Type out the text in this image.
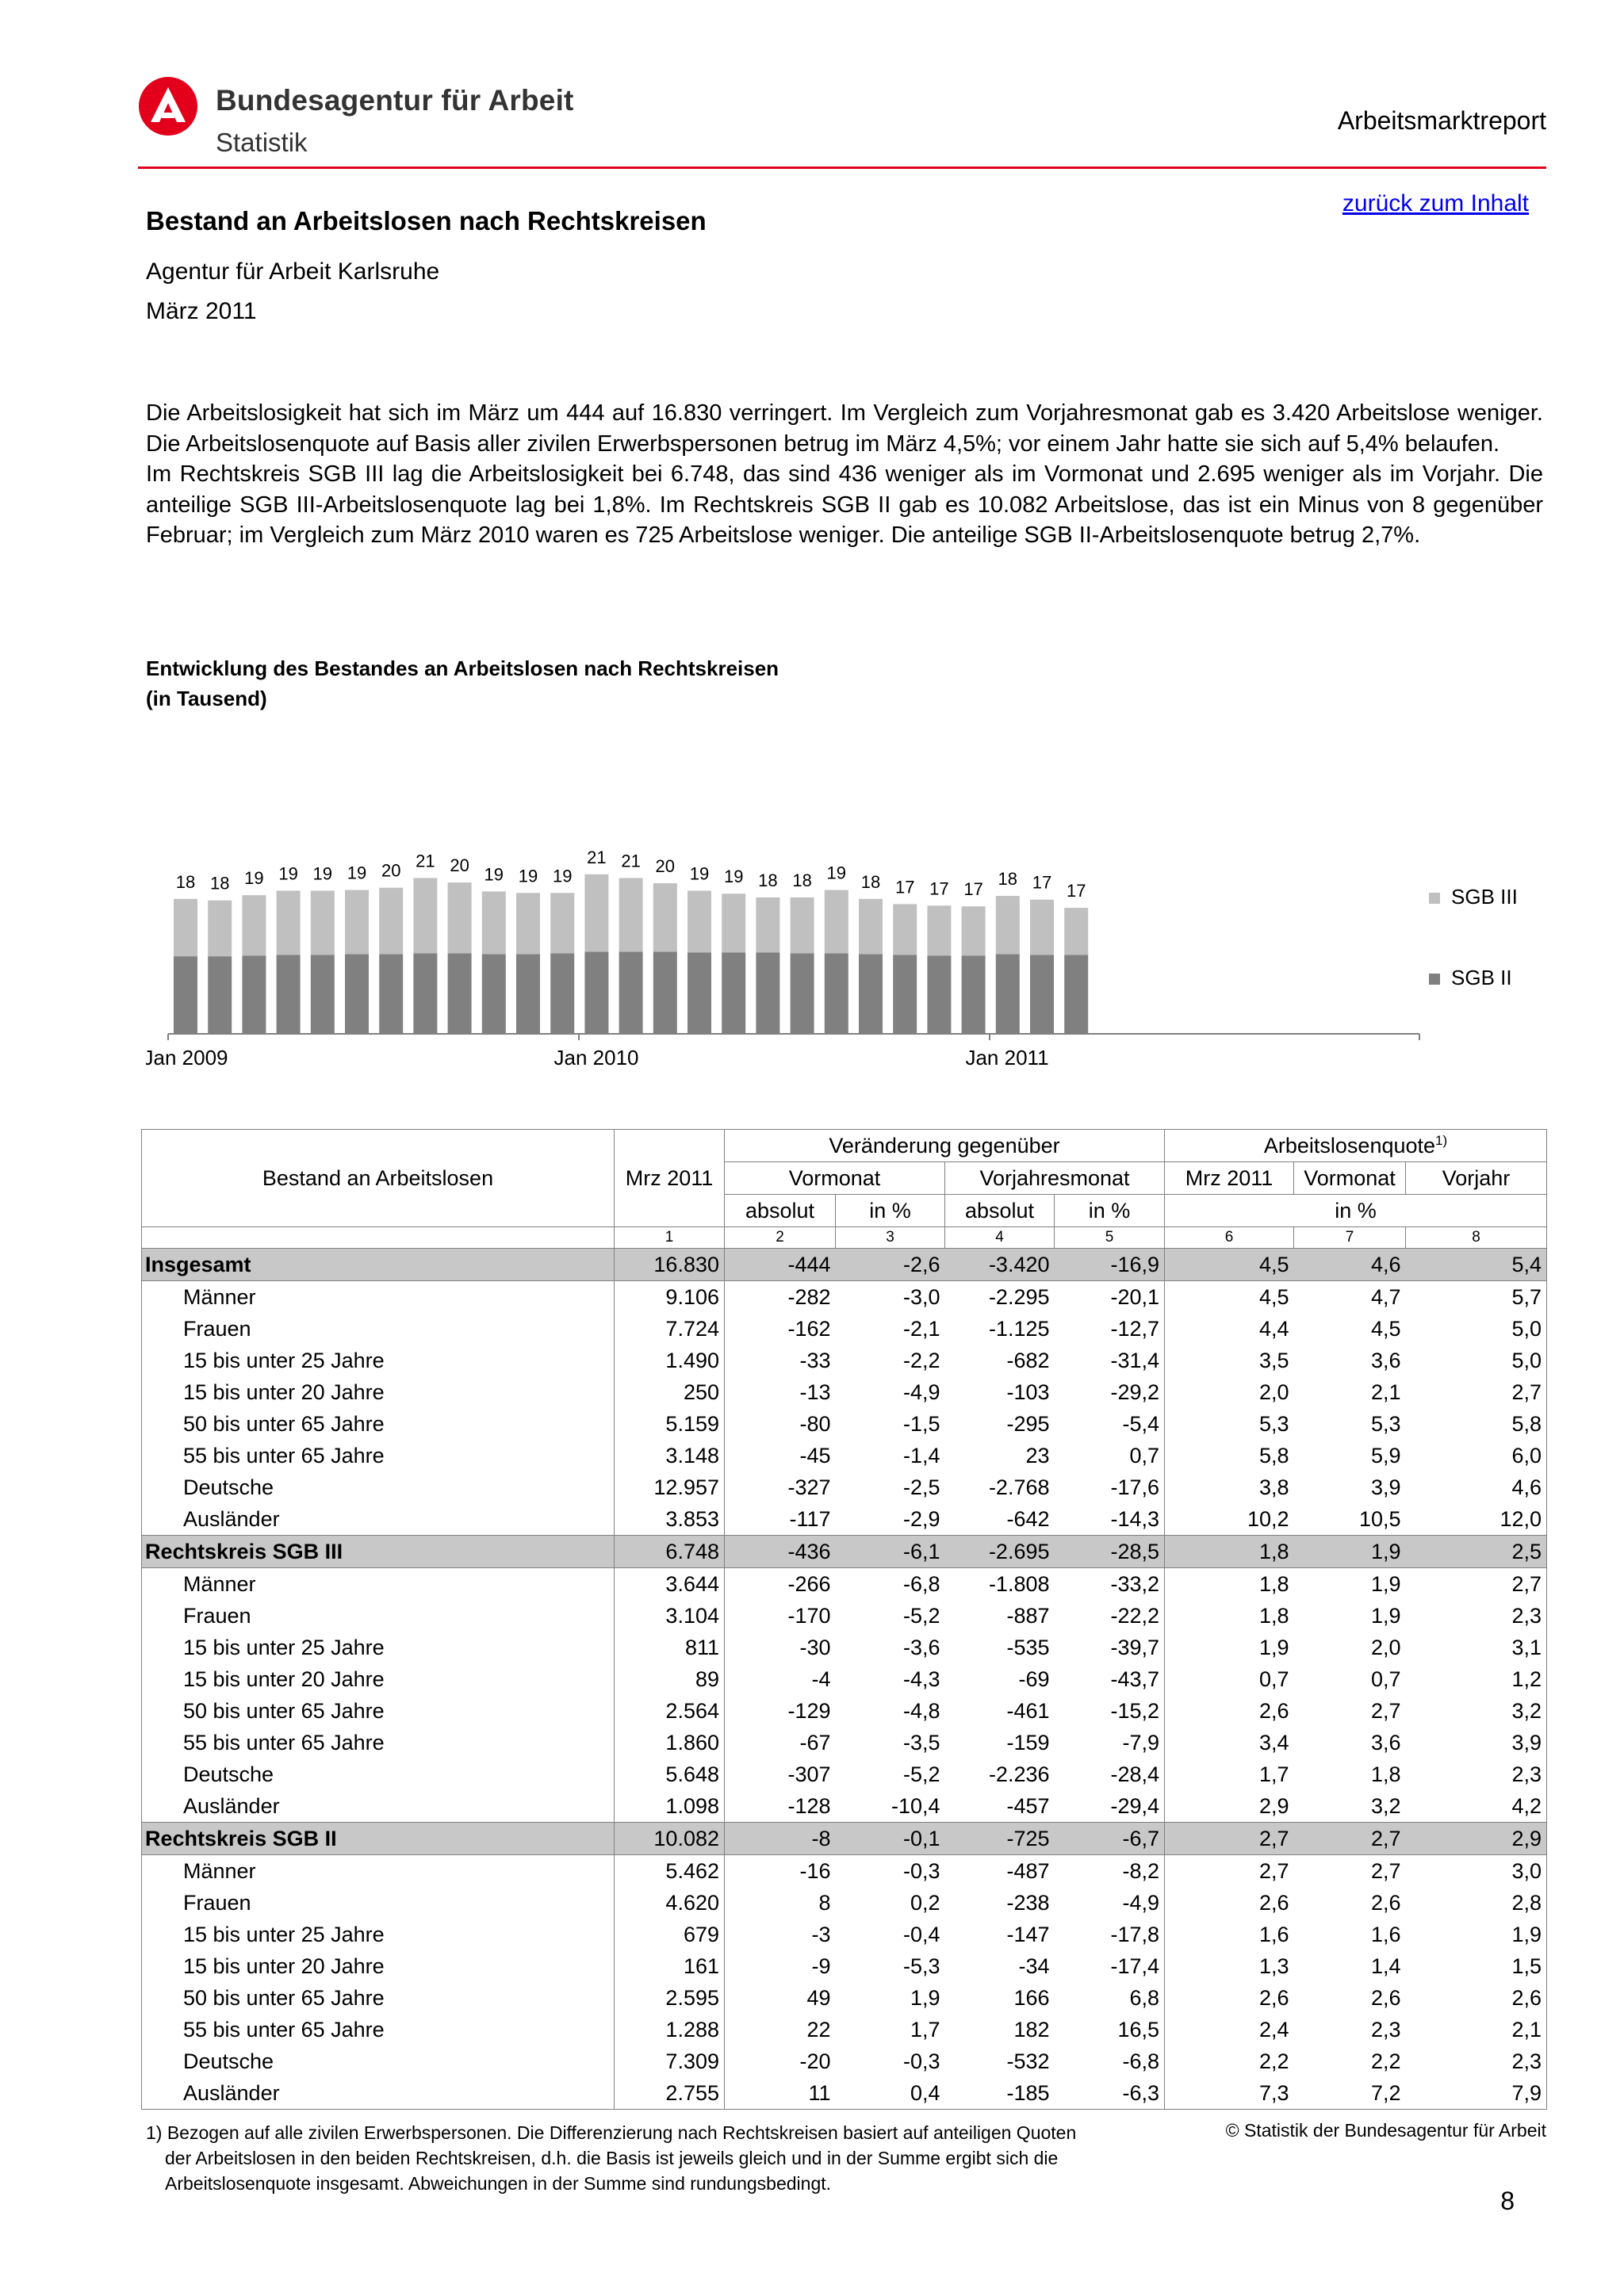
Bundesagentur für Arbeit
Statistik
Arbeitsmarktreport
zurück zum Inhalt
Bestand an Arbeitslosen nach Rechtskreisen
Agentur für Arbeit Karlsruhe
März 2011

Die Arbeitslosigkeit hat sich im März um 444 auf 16.830 verringert. Im Vergleich zum Vorjahresmonat gab es 3.420 Arbeitslose weniger. Die Arbeitslosenquote auf Basis aller zivilen Erwerbspersonen betrug im März 4,5%; vor einem Jahr hatte sie sich auf 5,4% belaufen.

Im Rechtskreis SGB III lag die Arbeitslosigkeit bei 6.748, das sind 436 weniger als im Vormonat und 2.695 weniger als im Vorjahr. Die anteilige SGB III-Arbeitslosenquote lag bei 1,8%. Im Rechtskreis SGB II gab es 10.082 Arbeitslose, das ist ein Minus von 8 gegenüber Februar; im Vergleich zum März 2010 waren es 725 Arbeitslose weniger. Die anteilige SGB II-Arbeitslosenquote betrug 2,7%.

Entwicklung des Bestandes an Arbeitslosen nach Rechtskreisen
(in Tausend)
18 18 19 19 19 19 20 21 20 19 19 19
21 21 20 19 19 18 18 19 18 17 17 17
18 17 17
Jan 2009	Jan 2010	Jan 2011
SGB III
SGB II
Bestand an Arbeitslosen	Mrz 2011	Veränderung gegenüber				Arbeitslosenquote$^{1)}$
		Vormonat		Vorjahresmonat		Mrz 2011	Vormonat	Vorjahr
		absolut	in %	absolut	in %	in %		
	1	2	3	4	5	6	7	8
Insgesamt	16.830	-444	-2,6	-3.420	-16,9	4,5	4,6	5,4
Männer	9.106	-282	-3,0	-2.295	-20,1	4,5	4,7	5,7
Frauen	7.724	-162	-2,1	-1.125	-12,7	4,4	4,5	5,0
15 bis unter 25 Jahre	1.490	-33	-2,2	-682	-31,4	3,5	3,6	5,0
15 bis unter 20 Jahre	250	-13	-4,9	-103	-29,2	2,0	2,1	2,7
50 bis unter 65 Jahre	5.159	-80	-1,5	-295	-5,4	5,3	5,3	5,8
55 bis unter 65 Jahre	3.148	-45	-1,4	23	0,7	5,8	5,9	6,0
Deutsche	12.957	-327	-2,5	-2.768	-17,6	3,8	3,9	4,6
Ausländer	3.853	-117	-2,9	-642	-14,3	10,2	10,5	12,0
Rechtskreis SGB III	6.748	-436	-6,1	-2.695	-28,5	1,8	1,9	2,5
Männer	3.644	-266	-6,8	-1.808	-33,2	1,8	1,9	2,7
Frauen	3.104	-170	-5,2	-887	-22,2	1,8	1,9	2,3
15 bis unter 25 Jahre	811	-30	-3,6	-535	-39,7	1,9	2,0	3,1
15 bis unter 20 Jahre	89	-4	-4,3	-69	-43,7	0,7	0,7	1,2
50 bis unter 65 Jahre	2.564	-129	-4,8	-461	-15,2	2,6	2,7	3,2
55 bis unter 65 Jahre	1.860	-67	-3,5	-159	-7,9	3,4	3,6	3,9
Deutsche	5.648	-307	-5,2	-2.236	-28,4	1,7	1,8	2,3
Ausländer	1.098	-128	-10,4	-457	-29,4	2,9	3,2	4,2
Rechtskreis SGB II	10.082	-8	-0,1	-725	-6,7	2,7	2,7	2,9
Männer	5.462	-16	-0,3	-487	-8,2	2,7	2,7	3,0
Frauen	4.620	8	0,2	-238	-4,9	2,6	2,6	2,8
15 bis unter 25 Jahre	679	-3	-0,4	-147	-17,8	1,6	1,6	1,9
15 bis unter 20 Jahre	161	-9	-5,3	-34	-17,4	1,3	1,4	1,5
50 bis unter 65 Jahre	2.595	49	1,9	166	6,8	2,6	2,6	2,6
55 bis unter 65 Jahre	1.288	22	1,7	182	16,5	2,4	2,3	2,1
Deutsche	7.309	-20	-0,3	-532	-6,8	2,2	2,2	2,3
Ausländer	2.755	11	0,4	-185	-6,3	7,3	7,2	7,9
1) Bezogen auf alle zivilen Erwerbspersonen. Die Differenzierung nach Rechtskreisen basiert auf anteiligen Quoten
der Arbeitslosen in den beiden Rechtskreisen, d.h. die Basis ist jeweils gleich und in der Summe ergibt sich die
Arbeitslosenquote insgesamt. Abweichungen in der Summe sind rundungsbedingt.
© Statistik der Bundesagentur für Arbeit
8
